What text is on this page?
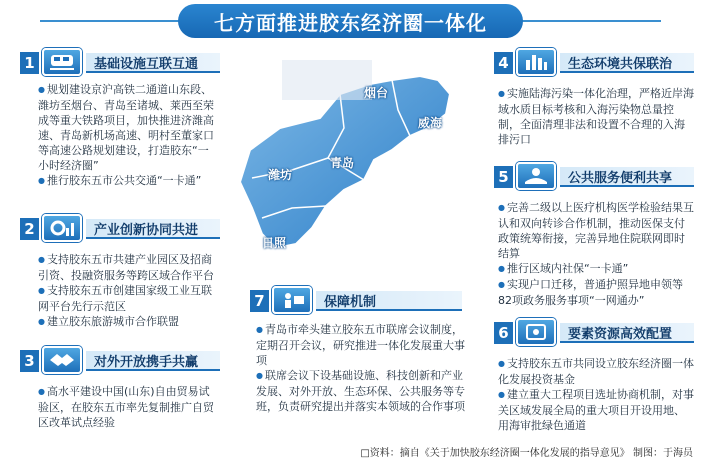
七方面推进胶东经济圈一体化
1	基础设施互联互通

● 规划建设京沪高铁二通道山东段、潍坊至烟台、青岛至诸城、莱西至荣成等重大铁路项目，加快推进济潍高速、青岛新机场高速、明村至董家口等高速公路规划建设，打造胶东“一小时经济圈”

● 推行胶东五市公共交通“一卡通”

2	产业创新协同共进

● 支持胶东五市共建产业园区及招商引资、投融资服务等跨区域合作平台

● 支持胶东五市创建国家级工业互联网平台先行示范区

● 建立胶东旅游城市合作联盟

3	对外开放携手共赢

● 高水平建设中国(山东)自由贸易试验区，在胶东五市率先复制推广自贸区改革试点经验

烟台
威海
潍坊
青岛
日照
7	保障机制

● 青岛市牵头建立胶东五市联席会议制度，定期召开会议，研究推进一体化发展重大事项

● 联席会议下设基础设施、科技创新和产业发展、对外开放、生态环保、公共服务等专班，负责研究提出并落实本领域的合作事项

4	生态环境共保联治

● 实施陆海污染一体化治理，严格近岸海域水质目标考核和入海污染物总量控制，全面清理非法和设置不合理的入海排污口

5	公共服务便利共享

● 完善二级以上医疗机构医学检验结果互认和双向转诊合作机制，推动医保支付政策统筹衔接，完善异地住院联网即时结算

● 推行区域内社保“一卡通”

● 实现户口迁移，普通护照异地申领等82项政务服务事项“一网通办”

6	要素资源高效配置

● 支持胶东五市共同设立胶东经济圈一体化发展投资基金

● 建立重大工程项目选址协商机制，对事关区域发展全局的重大项目开设用地、用海审批绿色通道

□资料：摘自《关于加快胶东经济圈一体化发展的指导意见》 制图：于海员
